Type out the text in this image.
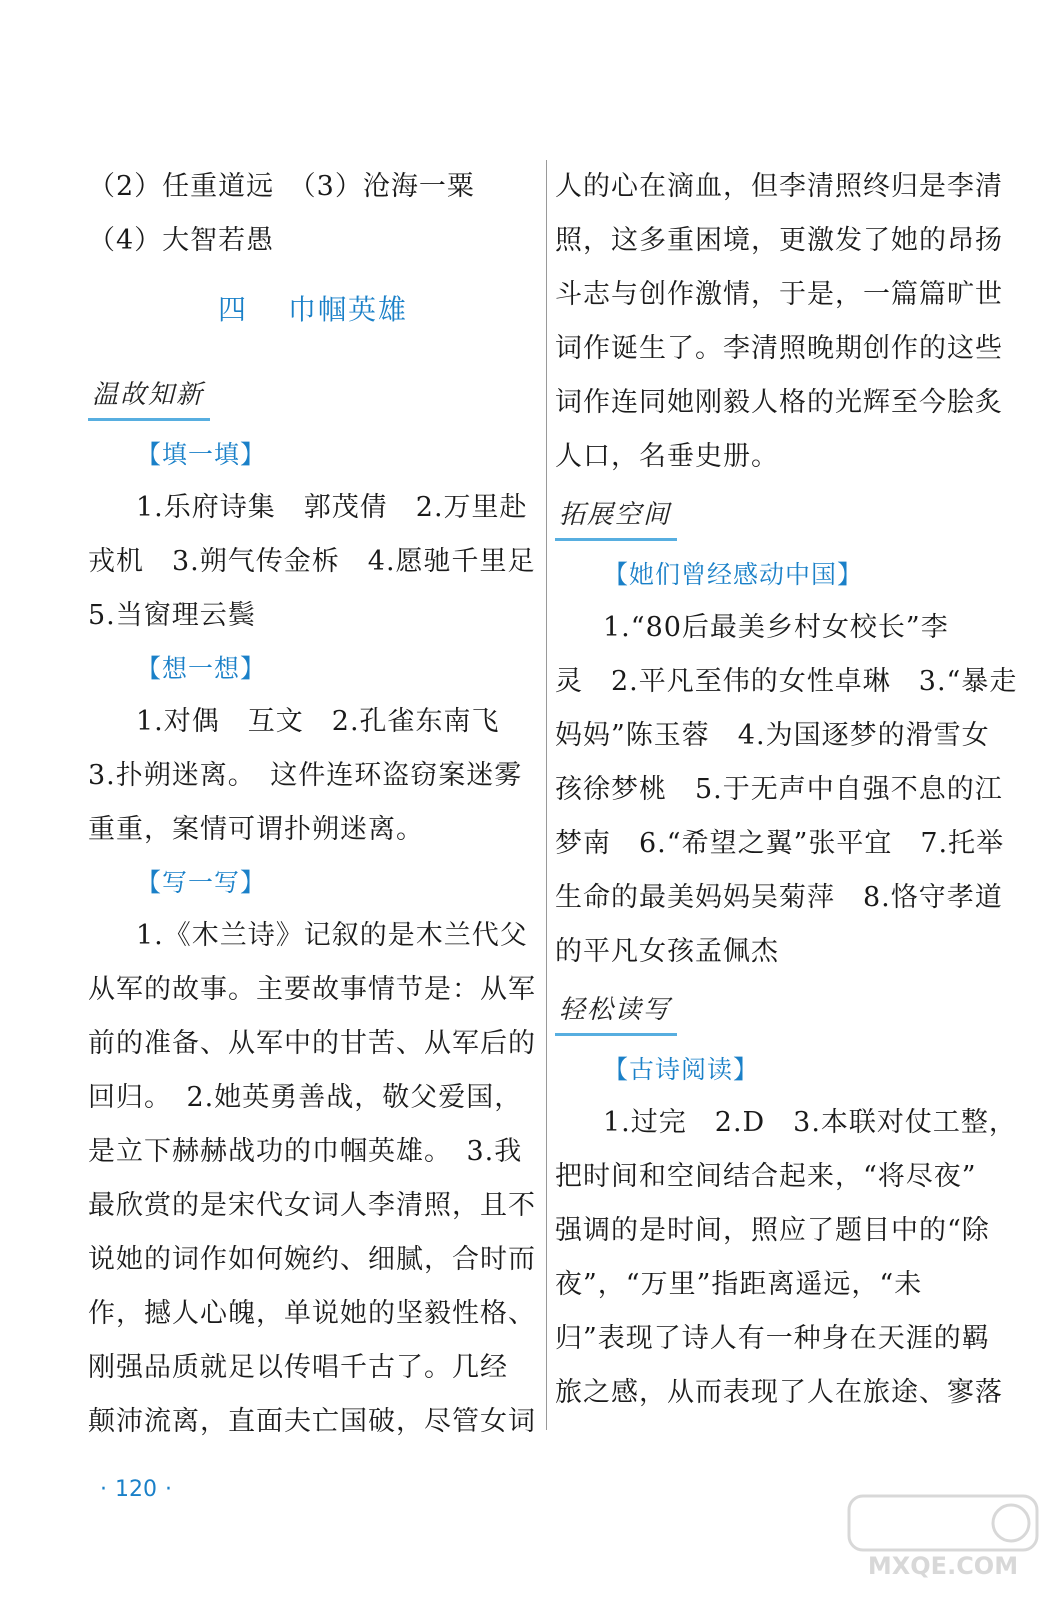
（2）任重道远　（3）沧海一粟
（4）大智若愚
四 巾帼英雄
温故知新
【填一填】
1.乐府诗集　郭茂倩　2.万里赴
戎机　3.朔气传金柝　4.愿驰千里足
5.当窗理云鬓
【想一想】
1.对偶　互文　2.孔雀东南飞
3.扑朔迷离。　这件连环盗窃案迷雾
重重，案情可谓扑朔迷离。
【写一写】
1.《木兰诗》记叙的是木兰代父
从军的故事。主要故事情节是：从军
前的准备、从军中的甘苦、从军后的
回归。　2.她英勇善战，敬父爱国，
是立下赫赫战功的巾帼英雄。　3.我
最欣赏的是宋代女词人李清照，且不
说她的词作如何婉约、细腻，合时而
作，撼人心魄，单说她的坚毅性格、
刚强品质就足以传唱千古了。几经
颠沛流离，直面夫亡国破，尽管女词
人的心在滴血，但李清照终归是李清
照，这多重困境，更激发了她的昂扬
斗志与创作激情，于是，一篇篇旷世
词作诞生了。李清照晚期创作的这些
词作连同她刚毅人格的光辉至今脍炙
人口，名垂史册。
拓展空间
【她们曾经感动中国】
1.“80后最美乡村女校长”李
灵　2.平凡至伟的女性卓琳　3.“暴走
妈妈”陈玉蓉　4.为国逐梦的滑雪女
孩徐梦桃　5.于无声中自强不息的江
梦南　6.“希望之翼”张平宜　7.托举
生命的最美妈妈吴菊萍　8.恪守孝道
的平凡女孩孟佩杰
轻松读写
【古诗阅读】
1.过完　2.D　3.本联对仗工整，
把时间和空间结合起来，“将尽夜”
强调的是时间，照应了题目中的“除
夜”，“万里”指距离遥远，“未
归”表现了诗人有一种身在天涯的羁
旅之感，从而表现了人在旅途、寥落
· 120 ·
MXQE.COM
